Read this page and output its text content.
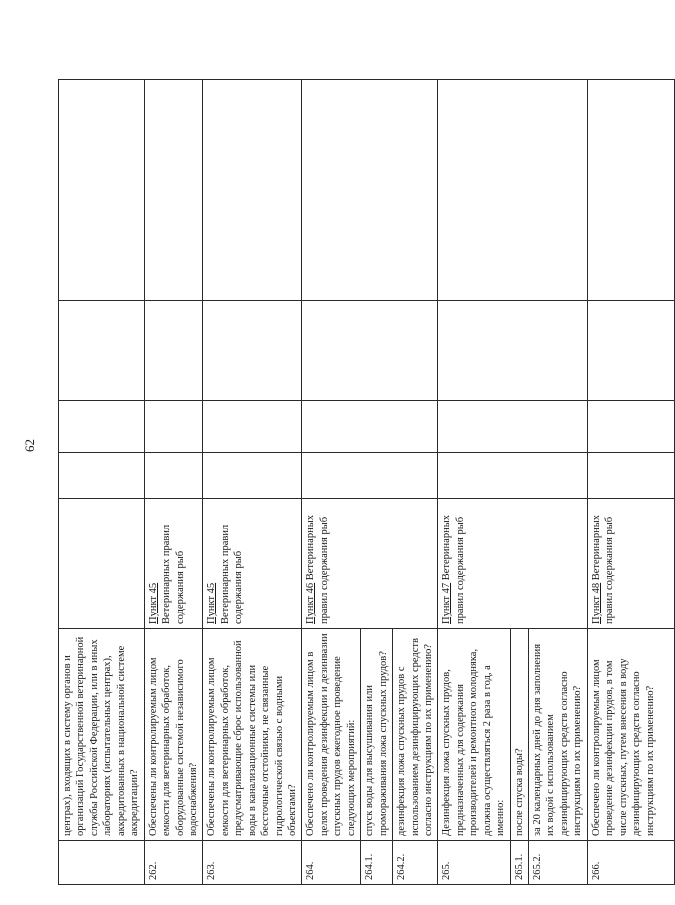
62
	центрах), входящих в систему органов и организаций Государственной ветеринарной службы Российской Федерации, или в иных лабораториях (испытательных центрах), аккредитованных в национальной системе аккредитации?	

262.	Обеспечены ли контролируемым лицом емкости для ветеринарных обработок, оборудованные системой независимого водоснабжения?	Пункт 45 Ветеринарных правил содержания рыб				
263.	Обеспечены ли контролируемым лицом емкости для ветеринарных обработок, предусматривающие сброс использованной воды в канализационные системы или бессточные отстойники, не связанные гидрологической связью с водными объектами?	Пункт 45 Ветеринарных правил содержания рыб				
264.	Обеспечено ли контролируемым лицом в целях проведения дезинфекции и дезинвазии спускных прудов ежегодное проведение следующих мероприятий:	Пункт 46 Ветеринарных правил содержания рыб				
264.1.	спуск воды для высушивания или промораживания ложа спускных прудов?					
264.2.	дезинфекция ложа спускных прудов с использованием дезинфицирующих средств согласно инструкциям по их применению?					
265.	Дезинфекция ложа спускных прудов, предназначенных для содержания производителей и ремонтного молодняка, должна осуществляться 2 раза в год, а именно:	Пункт 47 Ветеринарных правил содержания рыб				
265.1.	после спуска воды?					
265.2.	за 20 календарных дней до дня заполнения их водой с использованием дезинфицирующих средств согласно инструкциям по их применению?					
266.	Обеспечено ли контролируемым лицом проведение дезинфекции прудов, в том числе спускных, путем внесения в воду дезинфицирующих средств согласно инструкциям по их применению?	Пункт 48 Ветеринарных правил содержания рыб				
